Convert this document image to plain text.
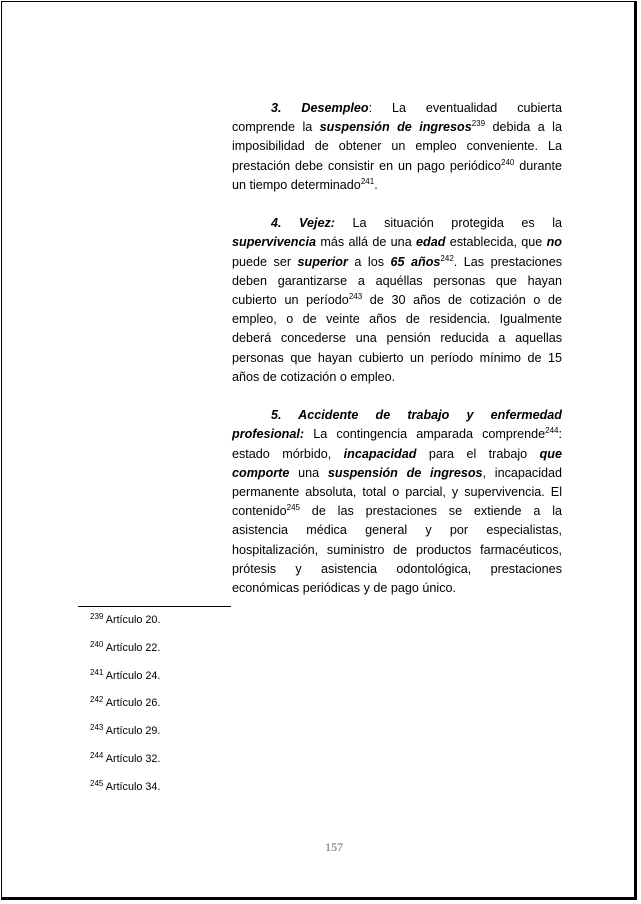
3. Desempleo: La eventualidad cubierta comprende la suspensión de ingresos$^{239}$ debida a la imposibilidad de obtener un empleo conveniente. La prestación debe consistir en un pago periódico$^{240}$ durante un tiempo determinado$^{241}$.

4. Vejez: La situación protegida es la supervivencia más allá de una edad establecida, que no puede ser superior a los 65 años$^{242}$. Las prestaciones deben garantizarse a aquéllas personas que hayan cubierto un período$^{243}$ de 30 años de cotización o de empleo, o de veinte años de residencia. Igualmente deberá concederse una pensión reducida a aquellas personas que hayan cubierto un período mínimo de 15 años de cotización o empleo.

5. Accidente de trabajo y enfermedad profesional: La contingencia amparada comprende$^{244}$: estado mórbido, incapacidad para el trabajo que comporte una suspensión de ingresos, incapacidad permanente absoluta, total o parcial, y supervivencia. El contenido$^{245}$ de las prestaciones se extiende a la asistencia médica general y por especialistas, hospitalización, suministro de productos farmacéuticos, prótesis y asistencia odontológica, prestaciones económicas periódicas y de pago único.

$^{239}$ Artículo 20.
$^{240}$ Artículo 22.
$^{241}$ Artículo 24.
$^{242}$ Artículo 26.
$^{243}$ Artículo 29.
$^{244}$ Artículo 32.
$^{245}$ Artículo 34.
157
